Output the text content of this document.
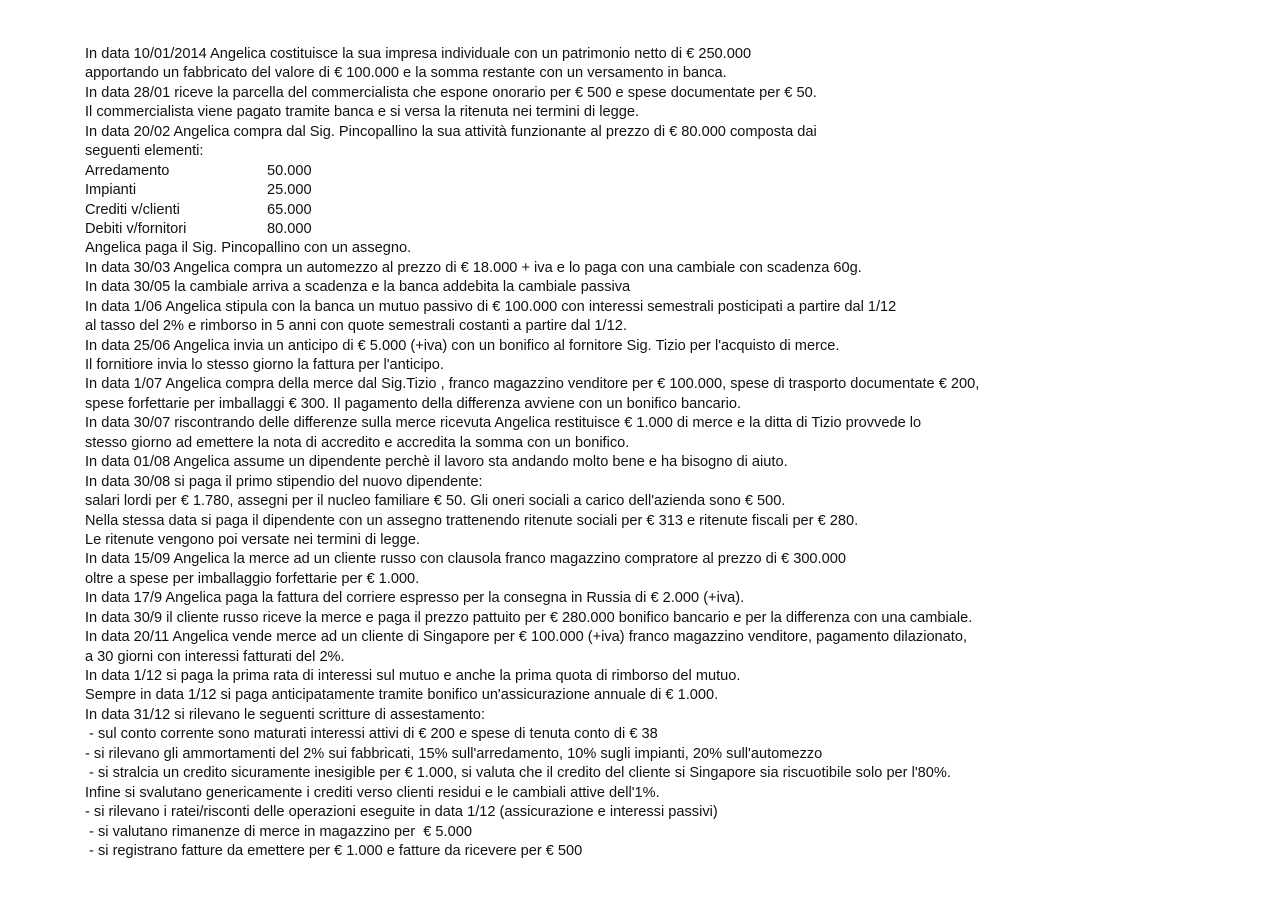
In data 10/01/2014 Angelica costituisce la sua impresa individuale con un patrimonio netto di € 250.000
apportando un fabbricato del valore di € 100.000 e la somma restante con un versamento in banca.
In data 28/01 riceve la parcella del commercialista che espone onorario per € 500 e spese documentate per € 50.
Il commercialista viene pagato tramite banca e si versa la ritenuta nei termini di legge.
In data 20/02 Angelica compra dal Sig. Pincopallino la sua attività funzionante al prezzo di € 80.000 composta dai
seguenti elementi:
Arredamento	50.000
Impianti	25.000
Crediti v/clienti	65.000
Debiti v/fornitori	80.000
Angelica paga il Sig. Pincopallino con un assegno.
In data 30/03 Angelica compra un automezzo al prezzo di € 18.000 + iva e lo paga con una cambiale con scadenza 60g.
In data 30/05 la cambiale arriva a scadenza e la banca addebita la cambiale passiva
In data 1/06 Angelica stipula con la banca un mutuo passivo di € 100.000 con interessi semestrali posticipati a partire dal 1/12
al tasso del 2% e rimborso in 5 anni con quote semestrali costanti a partire dal 1/12.
In data 25/06 Angelica invia un anticipo di € 5.000 (+iva) con un bonifico al fornitore Sig. Tizio per l'acquisto di merce.
Il fornitiore invia lo stesso giorno la fattura per l'anticipo.
In data 1/07 Angelica compra della merce dal Sig.Tizio , franco magazzino venditore per € 100.000, spese di trasporto documentate € 200,
spese forfettarie per imballaggi € 300. Il pagamento della differenza avviene con un bonifico bancario.
In data 30/07 riscontrando delle differenze sulla merce ricevuta Angelica restituisce € 1.000 di merce e la ditta di Tizio provvede lo
stesso giorno ad emettere la nota di accredito e accredita la somma con un bonifico.
In data 01/08 Angelica assume un dipendente perchè il lavoro sta andando molto bene e ha bisogno di aiuto.
In data 30/08 si paga il primo stipendio del nuovo dipendente:
salari lordi per € 1.780, assegni per il nucleo familiare € 50. Gli oneri sociali a carico dell'azienda sono € 500.
Nella stessa data si paga il dipendente con un assegno trattenendo ritenute sociali per € 313 e ritenute fiscali per € 280.
Le ritenute vengono poi versate nei termini di legge.
In data 15/09 Angelica la merce ad un cliente russo con clausola franco magazzino compratore al prezzo di € 300.000
oltre a spese per imballaggio forfettarie per € 1.000.
In data 17/9 Angelica paga la fattura del corriere espresso per la consegna in Russia di € 2.000 (+iva).
In data 30/9 il cliente russo riceve la merce e paga il prezzo pattuito per € 280.000 bonifico bancario e per la differenza con una cambiale.
In data 20/11 Angelica vende merce ad un cliente di Singapore per € 100.000 (+iva) franco magazzino venditore, pagamento dilazionato,
a 30 giorni con interessi fatturati del 2%.
In data 1/12 si paga la prima rata di interessi sul mutuo e anche la prima quota di rimborso del mutuo.
Sempre in data 1/12 si paga anticipatamente tramite bonifico un'assicurazione annuale di € 1.000.
In data 31/12 si rilevano le seguenti scritture di assestamento:
- sul conto corrente sono maturati interessi attivi di € 200 e spese di tenuta conto di € 38
- si rilevano gli ammortamenti del 2% sui fabbricati, 15% sull'arredamento, 10% sugli impianti, 20% sull'automezzo
- si stralcia un credito sicuramente inesigible per € 1.000, si valuta che il credito del cliente si Singapore sia riscuotibile solo per l'80%.
Infine si svalutano genericamente i crediti verso clienti residui e le cambiali attive dell'1%.
- si rilevano i ratei/risconti delle operazioni eseguite in data 1/12 (assicurazione e interessi passivi)
- si valutano rimanenze di merce in magazzino per  € 5.000
- si registrano fatture da emettere per € 1.000 e fatture da ricevere per € 500
